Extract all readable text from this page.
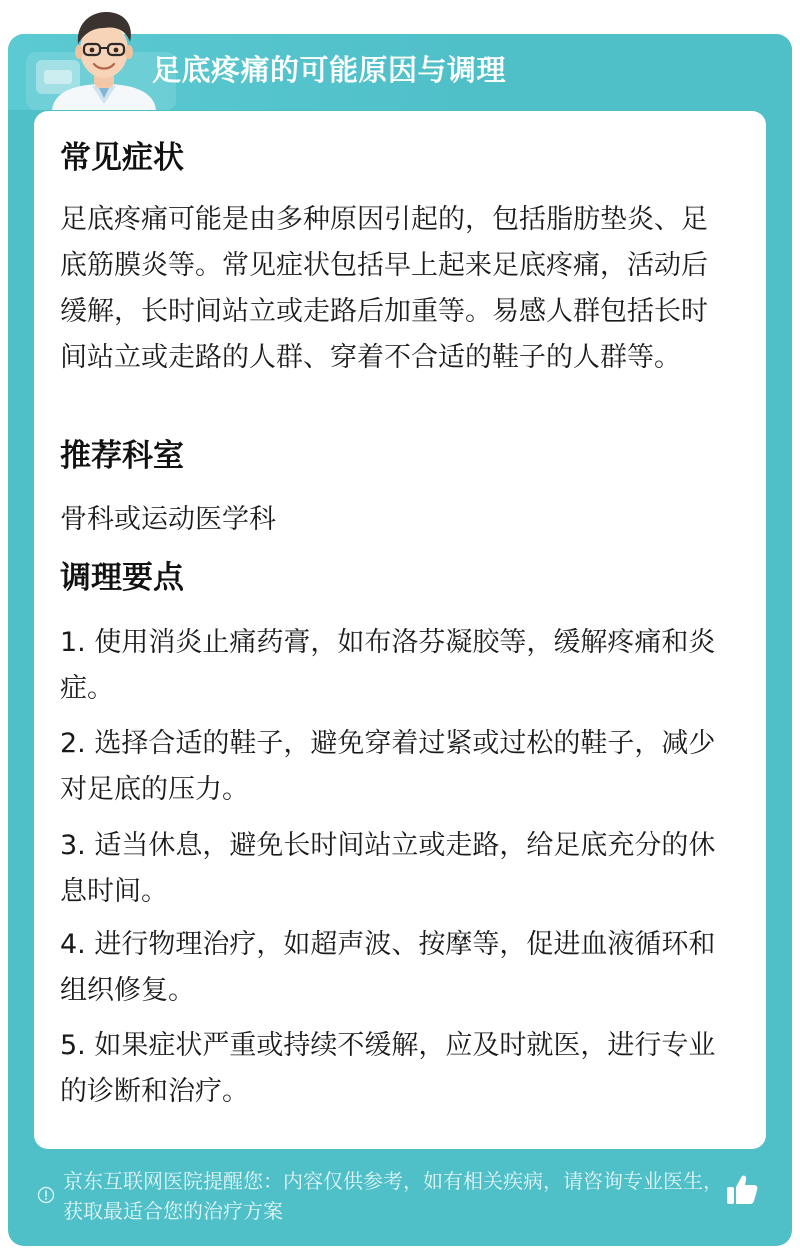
足底疼痛的可能原因与调理
常见症状
足底疼痛可能是由多种原因引起的，包括脂肪垫炎、足底筋膜炎等。常见症状包括早上起来足底疼痛，活动后缓解，长时间站立或走路后加重等。易感人群包括长时间站立或走路的人群、穿着不合适的鞋子的人群等。
推荐科室
骨科或运动医学科
调理要点
1. 使用消炎止痛药膏，如布洛芬凝胶等，缓解疼痛和炎症。
2. 选择合适的鞋子，避免穿着过紧或过松的鞋子，减少对足底的压力。
3. 适当休息，避免长时间站立或走路，给足底充分的休息时间。
4. 进行物理治疗，如超声波、按摩等，促进血液循环和组织修复。
5. 如果症状严重或持续不缓解，应及时就医，进行专业的诊断和治疗。
京东互联网医院提醒您：内容仅供参考，如有相关疾病，请咨询专业医生，获取最适合您的治疗方案
